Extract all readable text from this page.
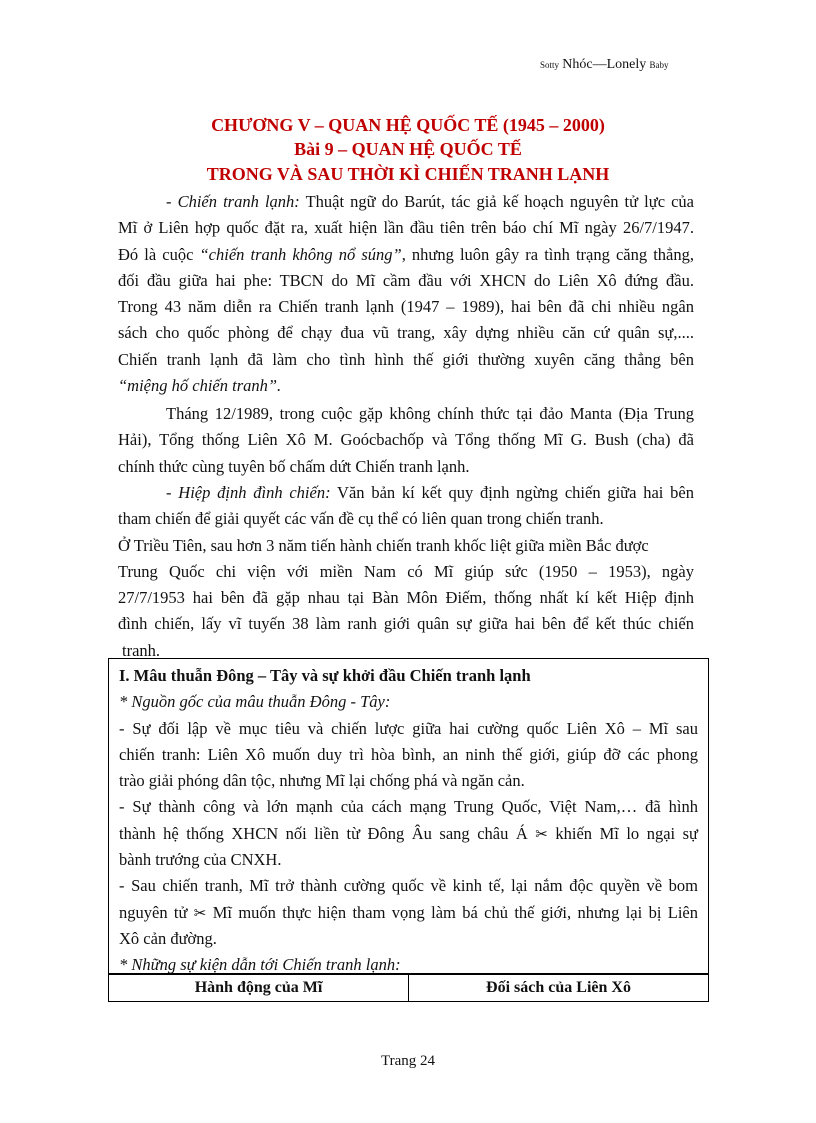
Sotty Nhóc—Lonely Baby
CHƯƠNG V – QUAN HỆ QUỐC TẾ (1945 – 2000)
Bài 9 – QUAN HỆ QUỐC TẾ
TRONG VÀ SAU THỜI KÌ CHIẾN TRANH LẠNH
- Chiến tranh lạnh: Thuật ngữ do Barút, tác giả kế hoạch nguyên tử lực của
Mĩ ở Liên hợp quốc đặt ra, xuất hiện lần đầu tiên trên báo chí Mĩ ngày 26/7/1947.
Đó là cuộc “chiến tranh không nổ súng”, nhưng luôn gây ra tình trạng căng thẳng,
đối đầu giữa hai phe: TBCN do Mĩ cầm đầu với XHCN do Liên Xô đứng đầu.
Trong 43 năm diễn ra Chiến tranh lạnh (1947 – 1989), hai bên đã chi nhiều ngân
sách cho quốc phòng để chạy đua vũ trang, xây dựng nhiều căn cứ quân sự,....
Chiến tranh lạnh đã làm cho tình hình thế giới thường xuyên căng thẳng bên
“miệng hố chiến tranh”.
Tháng 12/1989, trong cuộc gặp không chính thức tại đảo Manta (Địa Trung
Hải), Tổng thống Liên Xô M. Goócbachốp và Tổng thống Mĩ G. Bush (cha) đã
chính thức cùng tuyên bố chấm dứt Chiến tranh lạnh.
- Hiệp định đình chiến: Văn bản kí kết quy định ngừng chiến giữa hai bên
tham chiến để giải quyết các vấn đề cụ thể có liên quan trong chiến tranh.
Ở Triều Tiên, sau hơn 3 năm tiến hành chiến tranh khốc liệt giữa miền Bắc được
Trung Quốc chi viện với miền Nam có Mĩ giúp sức (1950 – 1953), ngày
27/7/1953 hai bên đã gặp nhau tại Bàn Môn Điếm, thống nhất kí kết Hiệp định
đình chiến, lấy vĩ tuyến 38 làm ranh giới quân sự giữa hai bên để kết thúc chiến
tranh.
I. Mâu thuẫn Đông – Tây và sự khởi đầu Chiến tranh lạnh
* Nguồn gốc của mâu thuẫn Đông - Tây:
- Sự đối lập về mục tiêu và chiến lược giữa hai cường quốc Liên Xô – Mĩ sau
chiến tranh: Liên Xô muốn duy trì hòa bình, an ninh thế giới, giúp đỡ các phong
trào giải phóng dân tộc, nhưng Mĩ lại chống phá và ngăn cản.
- Sự thành công và lớn mạnh của cách mạng Trung Quốc, Việt Nam,… đã hình
thành hệ thống XHCN nối liền từ Đông Âu sang châu Á ✂ khiến Mĩ lo ngại sự
bành trướng của CNXH.
- Sau chiến tranh, Mĩ trở thành cường quốc về kinh tế, lại nắm độc quyền về bom
nguyên tử ✂ Mĩ muốn thực hiện tham vọng làm bá chủ thế giới, nhưng lại bị Liên
Xô cản đường.
* Những sự kiện dẫn tới Chiến tranh lạnh:
Hành động của Mĩ	Đối sách của Liên Xô
Trang 24
